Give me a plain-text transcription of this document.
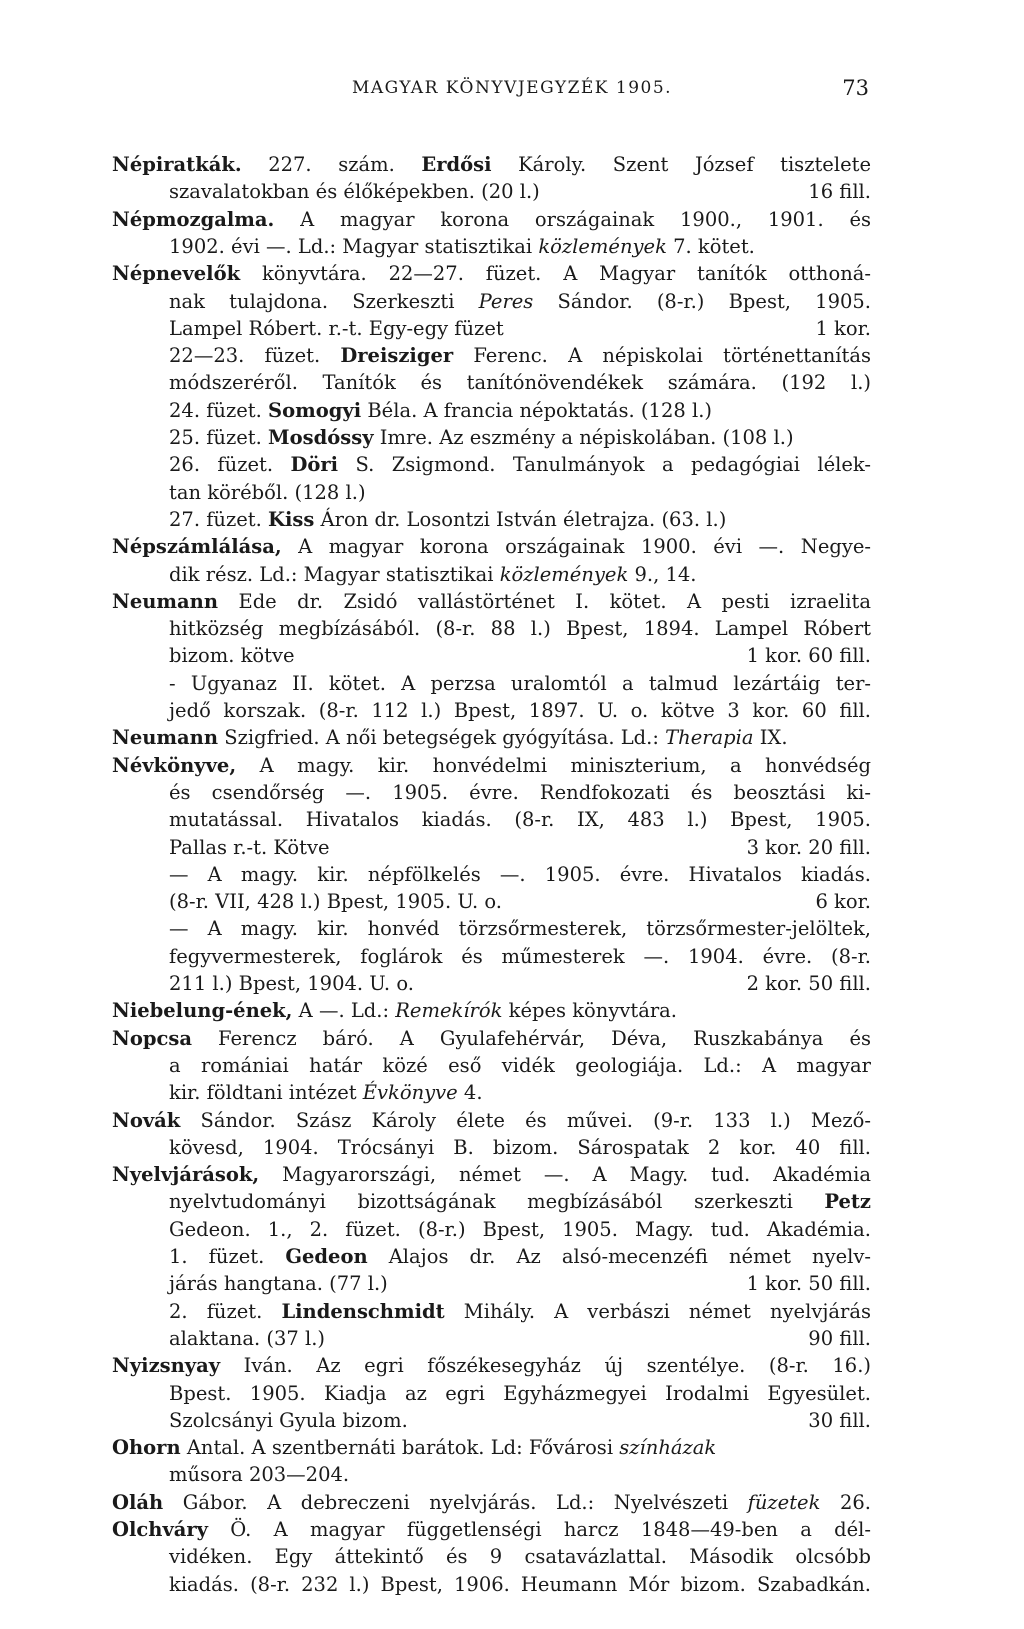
MAGYAR KÖNYVJEGYZÉK 1905.	73
Népiratkák. 227. szám. Erdősi Károly. Szent József tisztelete
szavalatokban és élőképekben. (20 l.)	16 fill.
Népmozgalma. A magyar korona országainak 1900., 1901. és
1902. évi —. Ld.: Magyar statisztikai közlemények 7. kötet.
Népnevelők könyvtára. 22—27. füzet. A Magyar tanítók otthoná-
nak tulajdona. Szerkeszti Peres Sándor. (8-r.) Bpest, 1905.
Lampel Róbert. r.-t. Egy-egy füzet	1 kor.
22—23. füzet. Dreisziger Ferenc. A népiskolai történettanítás
módszeréről. Tanítók és tanítónövendékek számára. (192 l.)
24. füzet. Somogyi Béla. A francia népoktatás. (128 l.)
25. füzet. Mosdóssy Imre. Az eszmény a népiskolában. (108 l.)
26. füzet. Döri S. Zsigmond. Tanulmányok a pedagógiai lélek-
tan köréből. (128 l.)
27. füzet. Kiss Áron dr. Losontzi István életrajza. (63. l.)
Népszámlálása, A magyar korona országainak 1900. évi —. Negye-
dik rész. Ld.: Magyar statisztikai közlemények 9., 14.
Neumann Ede dr. Zsidó vallástörténet I. kötet. A pesti izraelita
hitközség megbízásából. (8-r. 88 l.) Bpest, 1894. Lampel Róbert
bizom. kötve	1 kor. 60 fill.
- Ugyanaz II. kötet. A perzsa uralomtól a talmud lezártáig ter-
jedő korszak. (8-r. 112 l.) Bpest, 1897. U. o. kötve 3 kor. 60 fill.
Neumann Szigfried. A női betegségek gyógyítása. Ld.: Therapia IX.
Névkönyve, A magy. kir. honvédelmi miniszterium, a honvédség
és csendőrség —. 1905. évre. Rendfokozati és beosztási ki-
mutatással. Hivatalos kiadás. (8-r. IX, 483 l.) Bpest, 1905.
Pallas r.-t. Kötve	3 kor. 20 fill.
— A magy. kir. népfölkelés —. 1905. évre. Hivatalos kiadás.
(8-r. VII, 428 l.) Bpest, 1905. U. o.	6 kor.
— A magy. kir. honvéd törzsőrmesterek, törzsőrmester-jelöltek,
fegyvermesterek, foglárok és műmesterek —. 1904. évre. (8-r.
211 l.) Bpest, 1904. U. o.	2 kor. 50 fill.
Niebelung-ének, A —. Ld.: Remekírók képes könyvtára.
Nopcsa Ferencz báró. A Gyulafehérvár, Déva, Ruszkabánya és
a romániai határ közé eső vidék geologiája. Ld.: A magyar
kir. földtani intézet Évkönyve 4.
Novák Sándor. Szász Károly élete és művei. (9-r. 133 l.) Mező-
kövesd, 1904. Trócsányi B. bizom. Sárospatak 2 kor. 40 fill.
Nyelvjárások, Magyarországi, német —. A Magy. tud. Akadémia
nyelvtudományi bizottságának megbízásából szerkeszti Petz
Gedeon. 1., 2. füzet. (8-r.) Bpest, 1905. Magy. tud. Akadémia.
1. füzet. Gedeon Alajos dr. Az alsó-mecenzéfi német nyelv-
járás hangtana. (77 l.)	1 kor. 50 fill.
2. füzet. Lindenschmidt Mihály. A verbászi német nyelvjárás
alaktana. (37 l.)	90 fill.
Nyizsnyay Iván. Az egri főszékesegyház új szentélye. (8-r. 16.)
Bpest. 1905. Kiadja az egri Egyházmegyei Irodalmi Egyesület.
Szolcsányi Gyula bizom.	30 fill.
Ohorn Antal. A szentbernáti barátok. Ld: Fővárosi színházak
műsora 203—204.
Oláh Gábor. A debreczeni nyelvjárás. Ld.: Nyelvészeti füzetek 26.
Olchváry Ö. A magyar függetlenségi harcz 1848—49-ben a dél-
vidéken. Egy áttekintő és 9 csatavázlattal. Második olcsóbb
kiadás. (8-r. 232 l.) Bpest, 1906. Heumann Mór bizom. Szabadkán.
